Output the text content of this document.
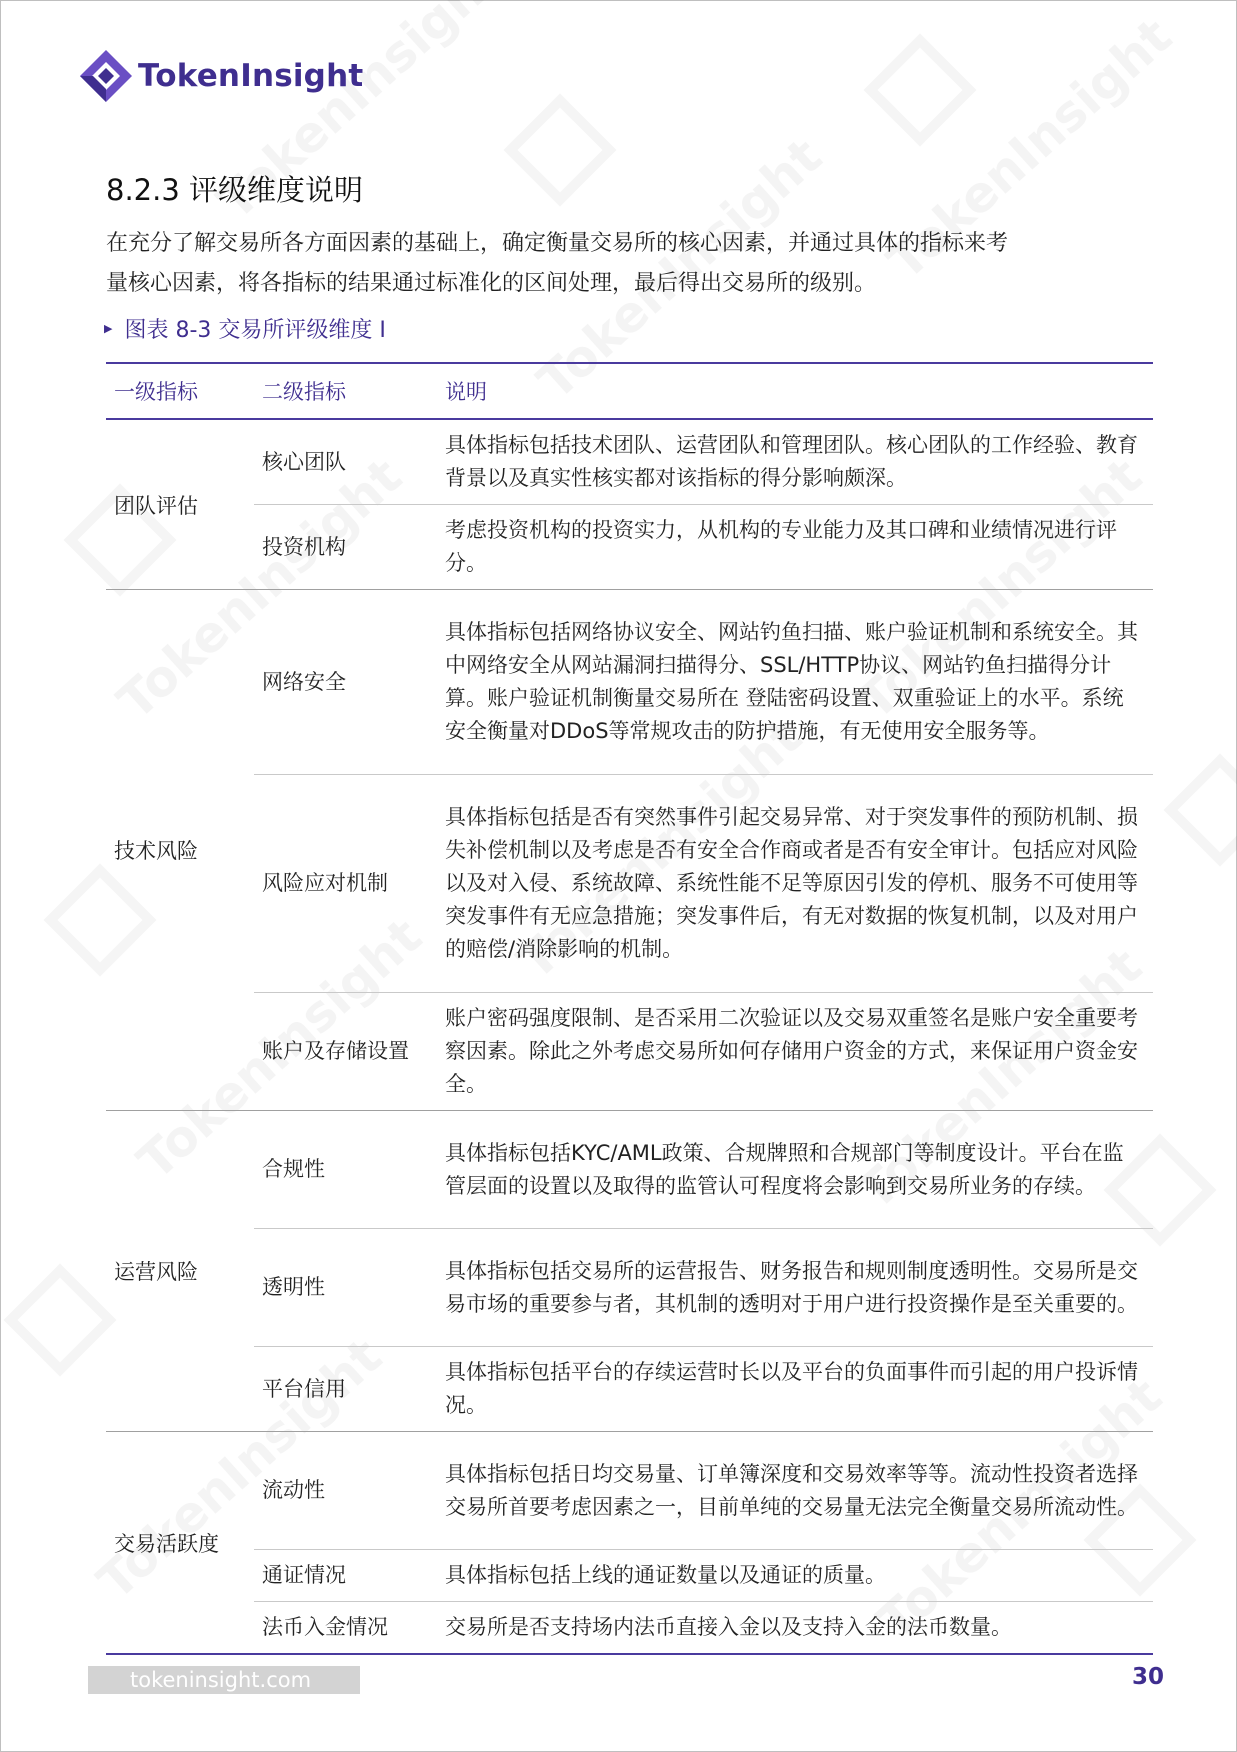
TokenInsight
8.2.3 评级维度说明
在充分了解交易所各方面因素的基础上，确定衡量交易所的核心因素，并通过具体的指标来考
量核心因素，将各指标的结果通过标准化的区间处理，最后得出交易所的级别。
▶ 图表 8-3 交易所评级维度 I
一级指标	二级指标	说明
团队评估	核心团队	具体指标包括技术团队、运营团队和管理团队。核心团队的工作经验、教育背景以及真实性核实都对该指标的得分影响颇深。
	投资机构	考虑投资机构的投资实力，从机构的专业能力及其口碑和业绩情况进行评分。
技术风险	网络安全	具体指标包括网络协议安全、网站钓鱼扫描、账户验证机制和系统安全。其中网络安全从网站漏洞扫描得分、SSL/HTTP协议、网站钓鱼扫描得分计算。账户验证机制衡量交易所在 登陆密码设置、双重验证上的水平。系统安全衡量对DDoS等常规攻击的防护措施，有无使用安全服务等。
	风险应对机制	具体指标包括是否有突然事件引起交易异常、对于突发事件的预防机制、损失补偿机制以及考虑是否有安全合作商或者是否有安全审计。包括应对风险以及对入侵、系统故障、系统性能不足等原因引发的停机、服务不可使用等突发事件有无应急措施；突发事件后，有无对数据的恢复机制，以及对用户的赔偿/消除影响的机制。
	账户及存储设置	账户密码强度限制、是否采用二次验证以及交易双重签名是账户安全重要考察因素。除此之外考虑交易所如何存储用户资金的方式，来保证用户资金安全。
运营风险	合规性	具体指标包括KYC/AML政策、合规牌照和合规部门等制度设计。平台在监管层面的设置以及取得的监管认可程度将会影响到交易所业务的存续。
	透明性	具体指标包括交易所的运营报告、财务报告和规则制度透明性。交易所是交易市场的重要参与者，其机制的透明对于用户进行投资操作是至关重要的。
	平台信用	具体指标包括平台的存续运营时长以及平台的负面事件而引起的用户投诉情况。
交易活跃度	流动性	具体指标包括日均交易量、订单簿深度和交易效率等等。流动性投资者选择交易所首要考虑因素之一，目前单纯的交易量无法完全衡量交易所流动性。
	通证情况	具体指标包括上线的通证数量以及通证的质量。
	法币入金情况	交易所是否支持场内法币直接入金以及支持入金的法币数量。
tokeninsight.com	30
